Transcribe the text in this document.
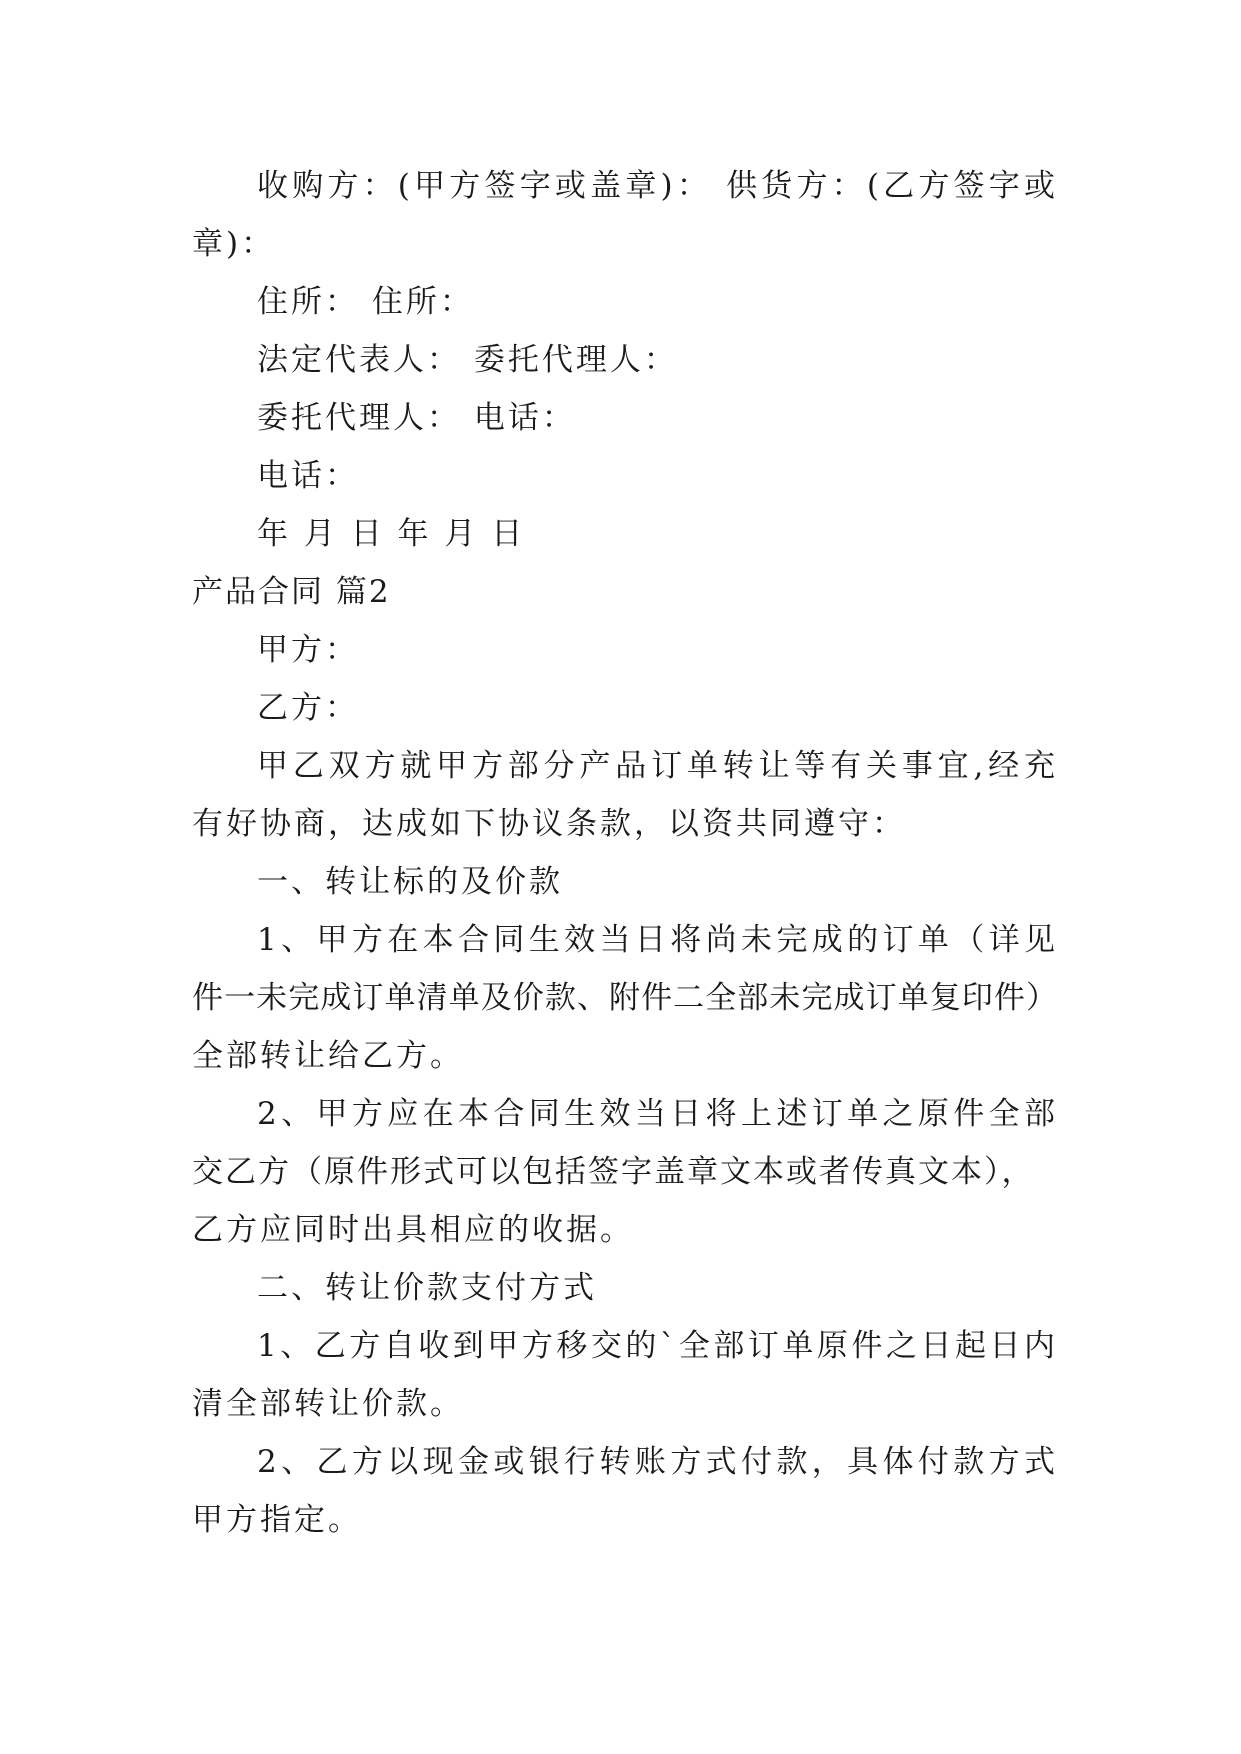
收购方：(甲方签字或盖章)： 供货方：(乙方签字或

章)：

住所： 住所：

法定代表人： 委托代理人：

委托代理人： 电话：

电话：

年 月 日 年 月 日

产品合同 篇2

甲方：

乙方：

甲乙双方就甲方部分产品订单转让等有关事宜,经充

有好协商，达成如下协议条款，以资共同遵守：

一、转让标的及价款

1、甲方在本合同生效当日将尚未完成的订单（详见

件一未完成订单清单及价款、附件二全部未完成订单复印件）

全部转让给乙方。

2、甲方应在本合同生效当日将上述订单之原件全部

交乙方（原件形式可以包括签字盖章文本或者传真文本），

乙方应同时出具相应的收据。

二、转让价款支付方式

1、乙方自收到甲方移交的`全部订单原件之日起日内

清全部转让价款。

2、乙方以现金或银行转账方式付款，具体付款方式

甲方指定。
